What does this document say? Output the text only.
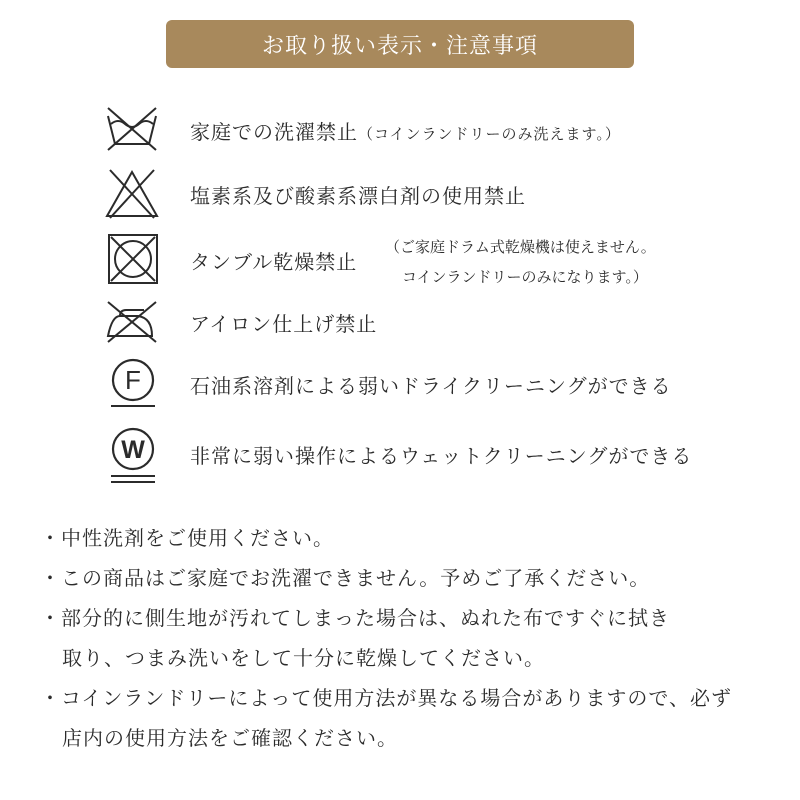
お取り扱い表示・注意事項
家庭での洗濯禁止（コインランドリーのみ洗えます。）
塩素系及び酸素系漂白剤の使用禁止
タンブル乾燥禁止
（ご家庭ドラム式乾燥機は使えません。
コインランドリーのみになります。）
アイロン仕上げ禁止
F 石油系溶剤による弱いドライクリーニングができる
W 非常に弱い操作によるウェットクリーニングができる
・中性洗剤をご使用ください。
・この商品はご家庭でお洗濯できません。予めご了承ください。
・部分的に側生地が汚れてしまった場合は、ぬれた布ですぐに拭き
取り、つまみ洗いをして十分に乾燥してください。
・コインランドリーによって使用方法が異なる場合がありますので、必ず
店内の使用方法をご確認ください。
